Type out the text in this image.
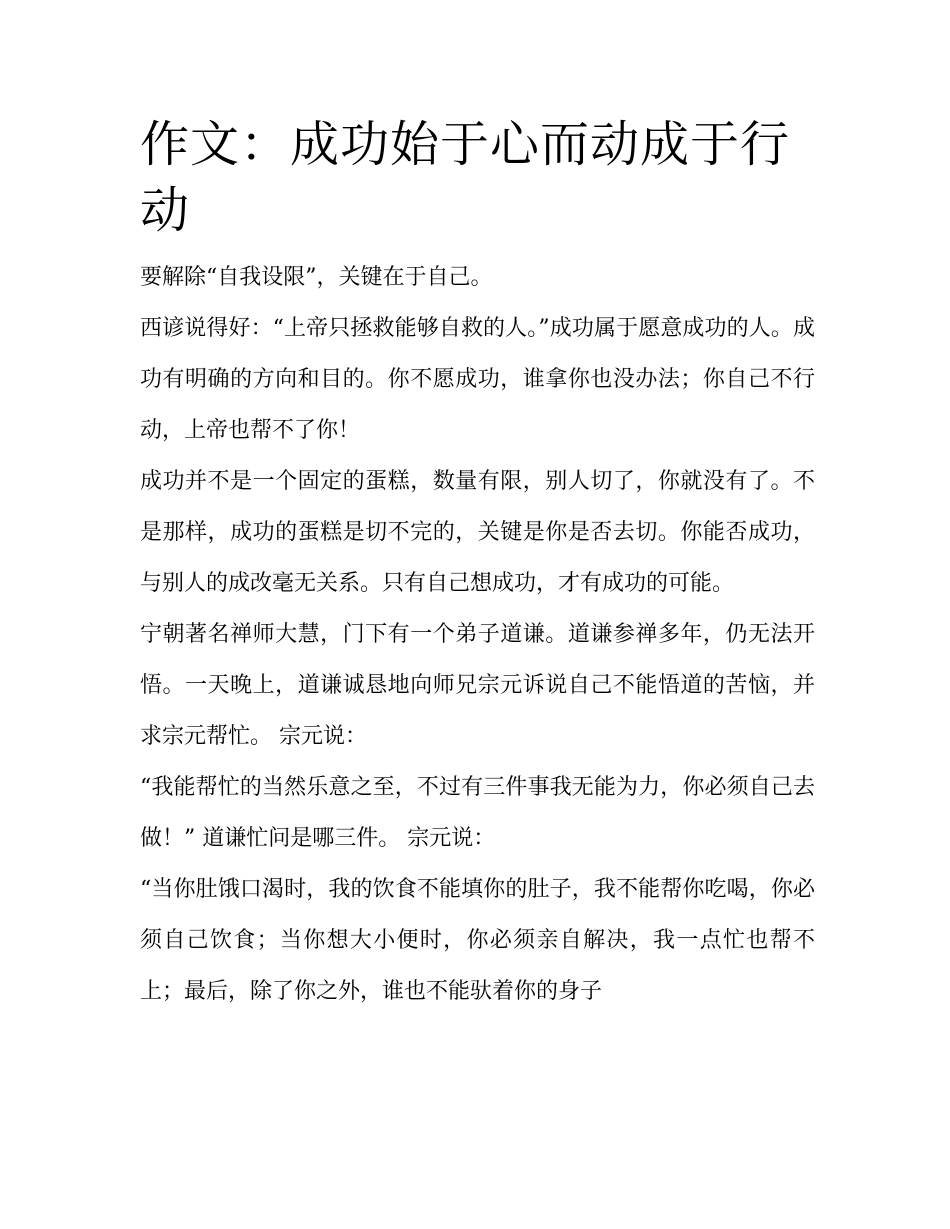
作文：成功始于心而动成于行动

要解除“自我设限”，关键在于自己。

西谚说得好：“上帝只拯救能够自救的人。”成功属于愿意成功的人。成功有明确的方向和目的。你不愿成功，谁拿你也没办法；你自己不行动，上帝也帮不了你！

成功并不是一个固定的蛋糕，数量有限，别人切了，你就没有了。不是那样，成功的蛋糕是切不完的，关键是你是否去切。你能否成功，与别人的成改毫无关系。只有自己想成功，才有成功的可能。

宁朝著名禅师大慧，门下有一个弟子道谦。道谦参禅多年，仍无法开悟。一天晚上，道谦诚恳地向师兄宗元诉说自己不能悟道的苦恼，并求宗元帮忙。 宗元说：

“我能帮忙的当然乐意之至，不过有三件事我无能为力，你必须自己去做！” 道谦忙问是哪三件。 宗元说：

“当你肚饿口渴时，我的饮食不能填你的肚子，我不能帮你吃喝，你必须自己饮食；当你想大小便时，你必须亲自解决，我一点忙也帮不上；最后，除了你之外，谁也不能驮着你的身子
